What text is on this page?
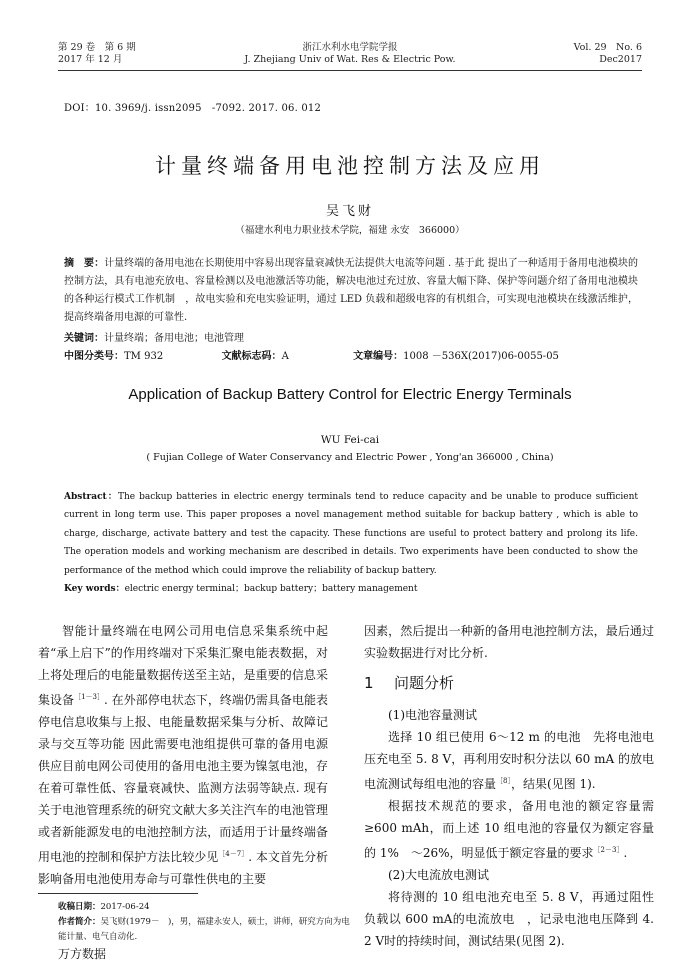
第 29 卷　第 6 期
2017 年 12 月
浙江水利水电学院学报
J. Zhejiang Univ of Wat. Res & Electric Pow.
Vol. 29　No. 6
Dec2017
DOI：10. 3969/j. issn2095　-7092. 2017. 06. 012
计量终端备用电池控制方法及应用
吴飞财
（福建水利电力职业技术学院，福建 永安　366000）
摘　要：计量终端的备用电池在长期使用中容易出现容量衰减快无法提供大电流等问题 . 基于此 提出了一种适用于备用电池模块的控制方法，具有电池充放电、容量检测以及电池激活等功能，解决电池过充过放、容量大幅下降、保护等问题介绍了备用电池模块的各种运行模式工作机制　，故电实验和充电实验证明，通过 LED 负载和超级电容的有机组合，可实现电池模块在线激活维护，提高终端备用电源的可靠性.
关键词：计量终端；备用电池；电池管理
中图分类号：TM 932	文献标志码：A	文章编号：1008 －536X(2017)06-0055-05
Application of Backup Battery Control for Electric Energy Terminals
WU Fei-cai
( Fujian College of Water Conservancy and Electric Power , Yong'an 366000 , China)
Abstract：The backup batteries in electric energy terminals tend to reduce capacity and be unable to produce sufficient current in long term use. This paper proposes a novel management method suitable for backup battery , which is able to charge, discharge, activate battery and test the capacity. These functions are useful to protect battery and prolong its life. The operation models and working mechanism are described in details. Two experiments have been conducted to show the performance of the method which could improve the reliability of backup battery.
Key words：electric energy terminal；backup battery；battery management

智能计量终端在电网公司用电信息采集系统中起着“承上启下”的作用终端对下采集汇聚电能表数据，对上将处理后的电能量数据传送至主站，是重要的信息采集设备$^{[1-3]}$. 在外部停电状态下，终端仍需具备电能表停电信息收集与上报、电能量数据采集与分析、故障记录与交互等功能 因此需要电池组提供可靠的备用电源供应目前电网公司使用的备用电池主要为镍氢电池，存在着可靠性低、容量衰减快、监测方法弱等缺点. 现有关于电池管理系统的研究文献大多关注汽车的电池管理或者新能源发电的电池控制方法，而适用于计量终端备用电池的控制和保护方法比较少见$^{[4-7]}$. 本文首先分析影响备用电池使用寿命与可靠性供电的主要

因素，然后提出一种新的备用电池控制方法，最后通过实验数据进行对比分析.

1 问题分析

(1)电池容量测试

选择 10 组已使用 6～12 m 的电池　先将电池电压充电至 5. 8 V，再利用安时积分法以 60 mA 的放电电流测试每组电池的容量$^{[8]}$，结果(见图 1).

根据技术规范的要求，备用电池的额定容量需≥600 mAh，而上述 10 组电池的容量仅为额定容量的 1%　～26%，明显低于额定容量的要求$^{[2-3]}$.

(2)大电流放电测试

将待测的 10 组电池充电至 5. 8 V，再通过阻性负载以 600 mA的电流放电　，记录电池电压降到 4. 2 V时的持续时间，测试结果(见图 2).

收稿日期：2017-06-24
作者简介：吴飞财(1979－　)，男，福建永安人，硕士，讲师，研究方向为电能计量、电气自动化.
万方数据
